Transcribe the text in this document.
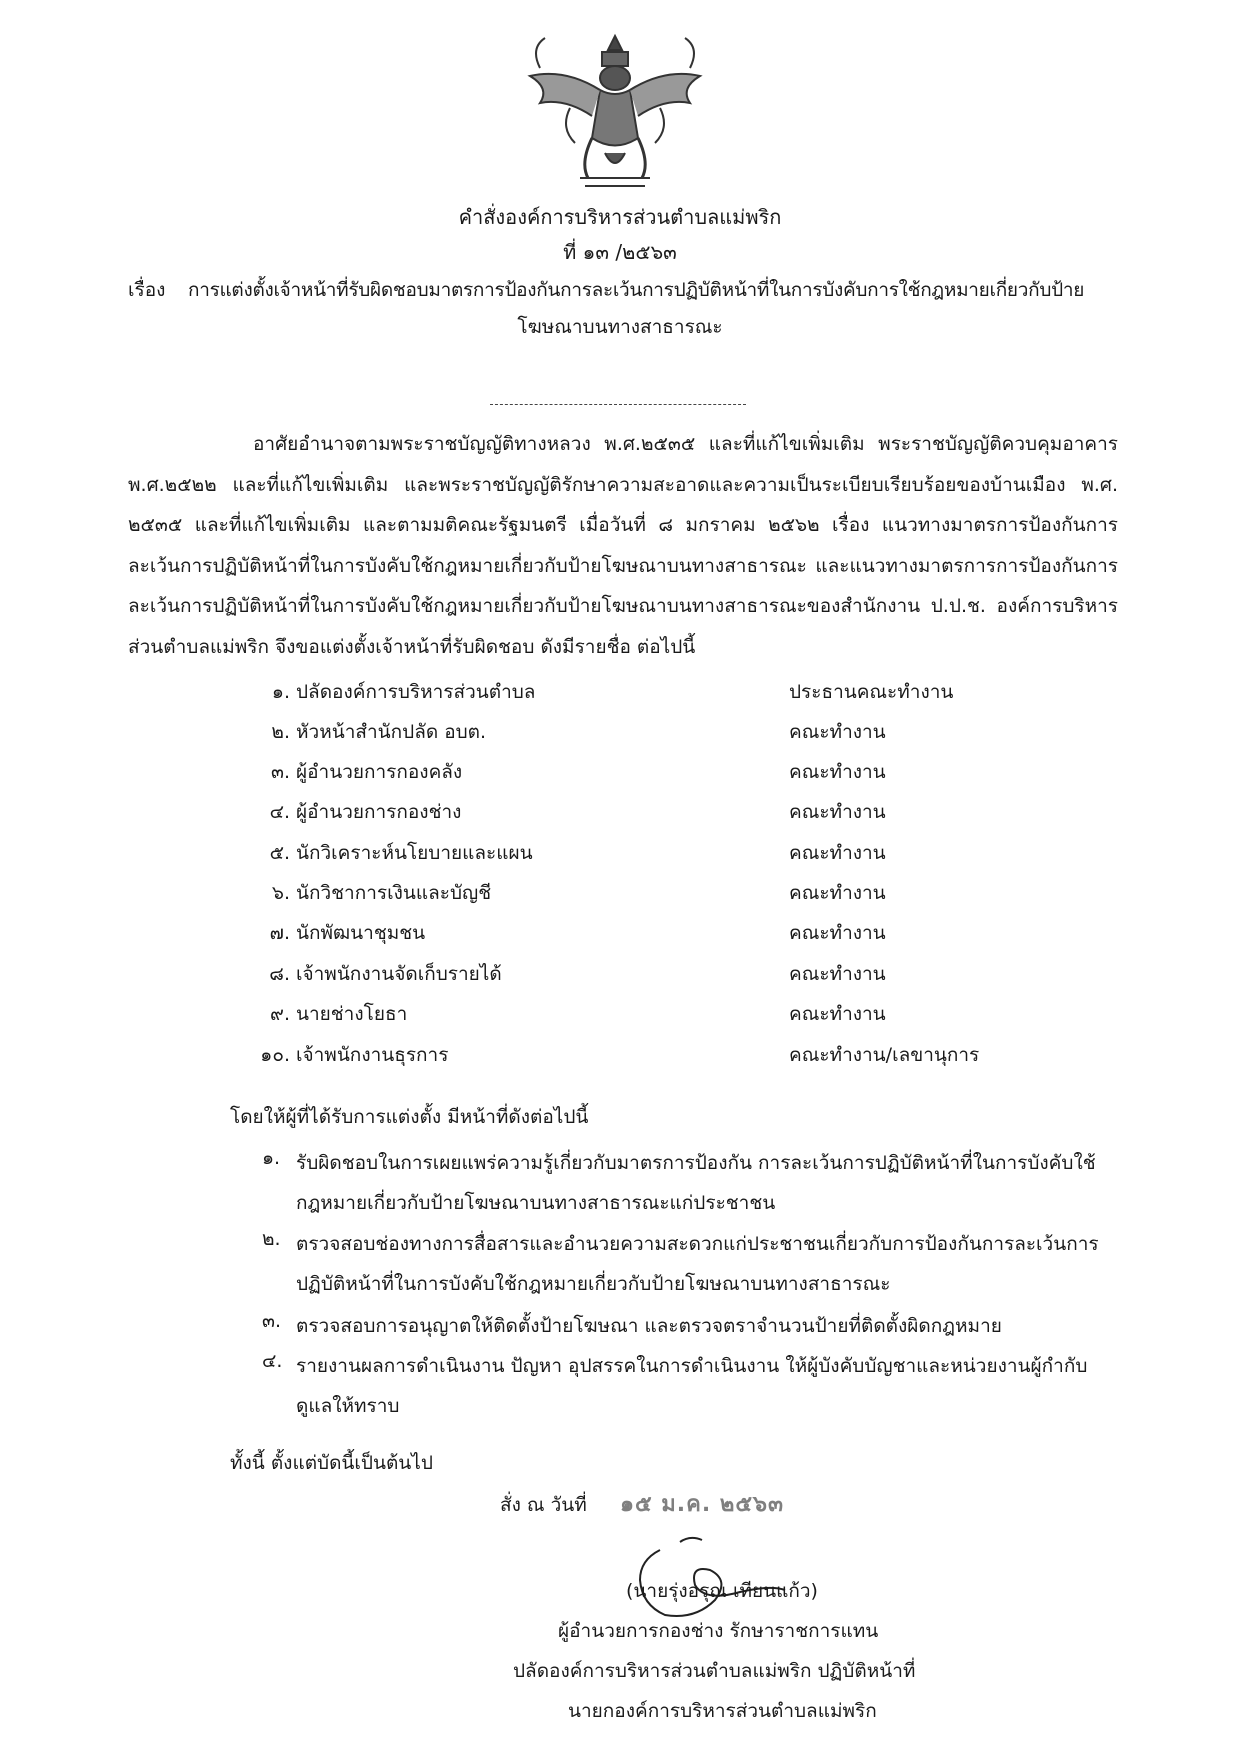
คำสั่งองค์การบริหารส่วนตำบลแม่พริก
ที่ ๑๓ /๒๕๖๓
เรื่อง การแต่งตั้งเจ้าหน้าที่รับผิดชอบมาตรการป้องกันการละเว้นการปฏิบัติหน้าที่ในการบังคับการใช้กฎหมายเกี่ยวกับป้าย
โฆษณาบนทางสาธารณะ
อาศัยอำนาจตามพระราชบัญญัติทางหลวง พ.ศ.๒๕๓๕ และที่แก้ไขเพิ่มเติม พระราชบัญญัติควบคุมอาคาร พ.ศ.๒๕๒๒ และที่แก้ไขเพิ่มเติม และพระราชบัญญัติรักษาความสะอาดและความเป็นระเบียบเรียบร้อยของบ้านเมือง พ.ศ. ๒๕๓๕ และที่แก้ไขเพิ่มเติม และตามมติคณะรัฐมนตรี เมื่อวันที่ ๘ มกราคม ๒๕๖๒ เรื่อง แนวทางมาตรการป้องกันการละเว้นการปฏิบัติหน้าที่ในการบังคับใช้กฎหมายเกี่ยวกับป้ายโฆษณาบนทางสาธารณะ และแนวทางมาตรการการป้องกันการละเว้นการปฏิบัติหน้าที่ในการบังคับใช้กฎหมายเกี่ยวกับป้ายโฆษณาบนทางสาธารณะของสำนักงาน ป.ป.ช. องค์การบริหารส่วนตำบลแม่พริก จึงขอแต่งตั้งเจ้าหน้าที่รับผิดชอบ ดังมีรายชื่อ ต่อไปนี้
๑. ปลัดองค์การบริหารส่วนตำบล	ประธานคณะทำงาน
๒. หัวหน้าสำนักปลัด อบต.	คณะทำงาน
๓. ผู้อำนวยการกองคลัง	คณะทำงาน
๔. ผู้อำนวยการกองช่าง	คณะทำงาน
๕. นักวิเคราะห์นโยบายและแผน	คณะทำงาน
๖. นักวิชาการเงินและบัญชี	คณะทำงาน
๗. นักพัฒนาชุมชน	คณะทำงาน
๘. เจ้าพนักงานจัดเก็บรายได้	คณะทำงาน
๙. นายช่างโยธา	คณะทำงาน
๑๐. เจ้าพนักงานธุรการ	คณะทำงาน/เลขานุการ
โดยให้ผู้ที่ได้รับการแต่งตั้ง มีหน้าที่ดังต่อไปนี้
๑. รับผิดชอบในการเผยแพร่ความรู้เกี่ยวกับมาตรการป้องกัน การละเว้นการปฏิบัติหน้าที่ในการบังคับใช้
กฎหมายเกี่ยวกับป้ายโฆษณาบนทางสาธารณะแก่ประชาชน
๒. ตรวจสอบช่องทางการสื่อสารและอำนวยความสะดวกแก่ประชาชนเกี่ยวกับการป้องกันการละเว้นการ
ปฏิบัติหน้าที่ในการบังคับใช้กฎหมายเกี่ยวกับป้ายโฆษณาบนทางสาธารณะ
๓. ตรวจสอบการอนุญาตให้ติดตั้งป้ายโฆษณา และตรวจตราจำนวนป้ายที่ติดตั้งผิดกฎหมาย
๔. รายงานผลการดำเนินงาน ปัญหา อุปสรรคในการดำเนินงาน ให้ผู้บังคับบัญชาและหน่วยงานผู้กำกับ
ดูแลให้ทราบ
ทั้งนี้ ตั้งแต่บัดนี้เป็นต้นไป
สั่ง ณ วันที่ ๑๕ ม.ค. ๒๕๖๓
(นายรุ่งอรุณ เทียนแก้ว)
ผู้อำนวยการกองช่าง รักษาราชการแทน
ปลัดองค์การบริหารส่วนตำบลแม่พริก ปฏิบัติหน้าที่
นายกองค์การบริหารส่วนตำบลแม่พริก
